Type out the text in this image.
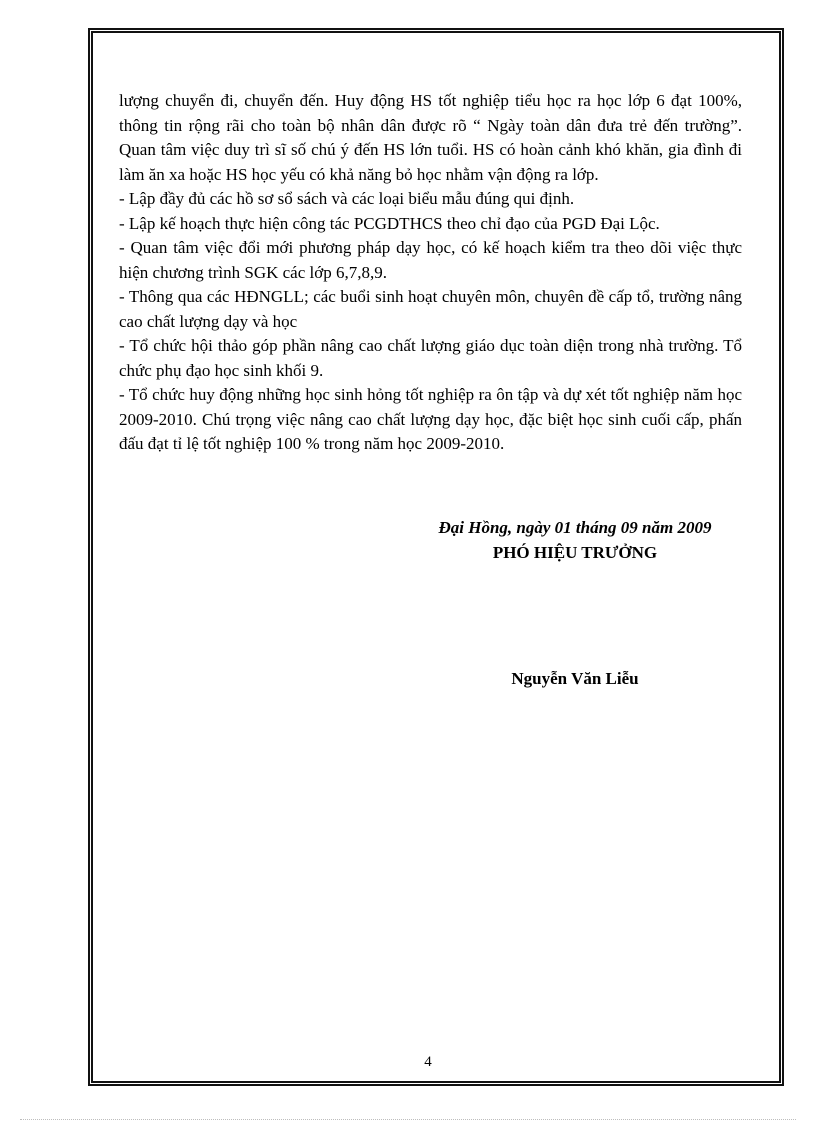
lượng chuyển đi, chuyển đến. Huy động HS tốt nghiệp tiểu học ra học lớp 6 đạt 100%, thông tin rộng rãi cho toàn bộ nhân dân được rõ “ Ngày toàn dân đưa trẻ đến trường”. Quan tâm việc duy trì sĩ số chú ý đến HS lớn tuổi. HS có hoàn cảnh khó khăn, gia đình đi làm ăn xa hoặc HS học yếu có khả năng bỏ học nhằm vận động ra lớp.

- Lập đầy đủ các hồ sơ sổ sách và các loại biểu mẫu đúng qui định.

- Lập kế hoạch thực hiện công tác PCGDTHCS theo chỉ đạo của PGD Đại Lộc.

- Quan tâm việc đổi mới phương pháp dạy học, có kế hoạch kiểm tra theo dõi việc thực hiện chương trình SGK các lớp 6,7,8,9.

- Thông qua các HĐNGLL; các buổi sinh hoạt chuyên môn, chuyên đề cấp tổ, trường nâng cao chất lượng dạy và học

- Tổ chức hội thảo góp phần nâng cao chất lượng giáo dục toàn diện trong nhà trường. Tổ chức phụ đạo học sinh khối 9.

- Tổ chức huy động những học sinh hỏng tốt nghiệp ra ôn tập và dự xét tốt nghiệp năm học 2009-2010. Chú trọng việc nâng cao chất lượng dạy học, đặc biệt học sinh cuối cấp, phấn đấu đạt tỉ lệ tốt nghiệp 100 % trong năm học 2009-2010.

Đại Hồng, ngày 01 tháng 09 năm 2009
PHÓ HIỆU TRƯỞNG
Nguyễn Văn Liễu
4
